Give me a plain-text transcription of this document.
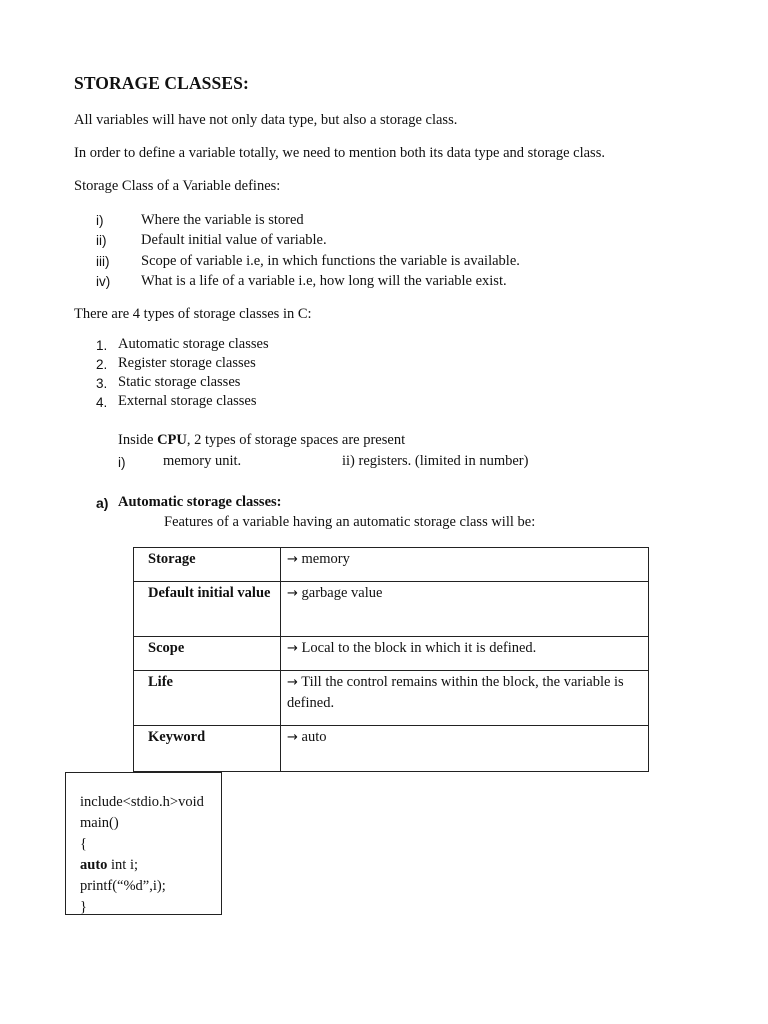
STORAGE CLASSES:
All variables will have not only data type, but also a storage class.
In order to define a variable totally, we need to mention both its data type and storage class.
Storage Class of a Variable defines:
i)	Where the variable is stored
ii) Default initial value of variable.
iii) Scope of variable i.e, in which functions the variable is available.
iv) What is a life of a variable i.e, how long will the variable exist.
There are 4 types of storage classes in C:
1. Automatic storage classes
2. Register storage classes
3. Static storage classes
4. External storage classes
Inside CPU, 2 types of storage spaces are present
i)	memory unit.	ii) registers. (limited in number)
a) Automatic storage classes:
Features of a variable having an automatic storage class will be:
Storage	→ memory
Default initial value	→ garbage value
Scope	→ Local to the block in which it is defined.
Life	→ Till the control remains within the block, the variable is defined.
Keyword	→ auto
include<stdio.h>void
main()
{
auto int i;
printf(“%d”,i);
}
